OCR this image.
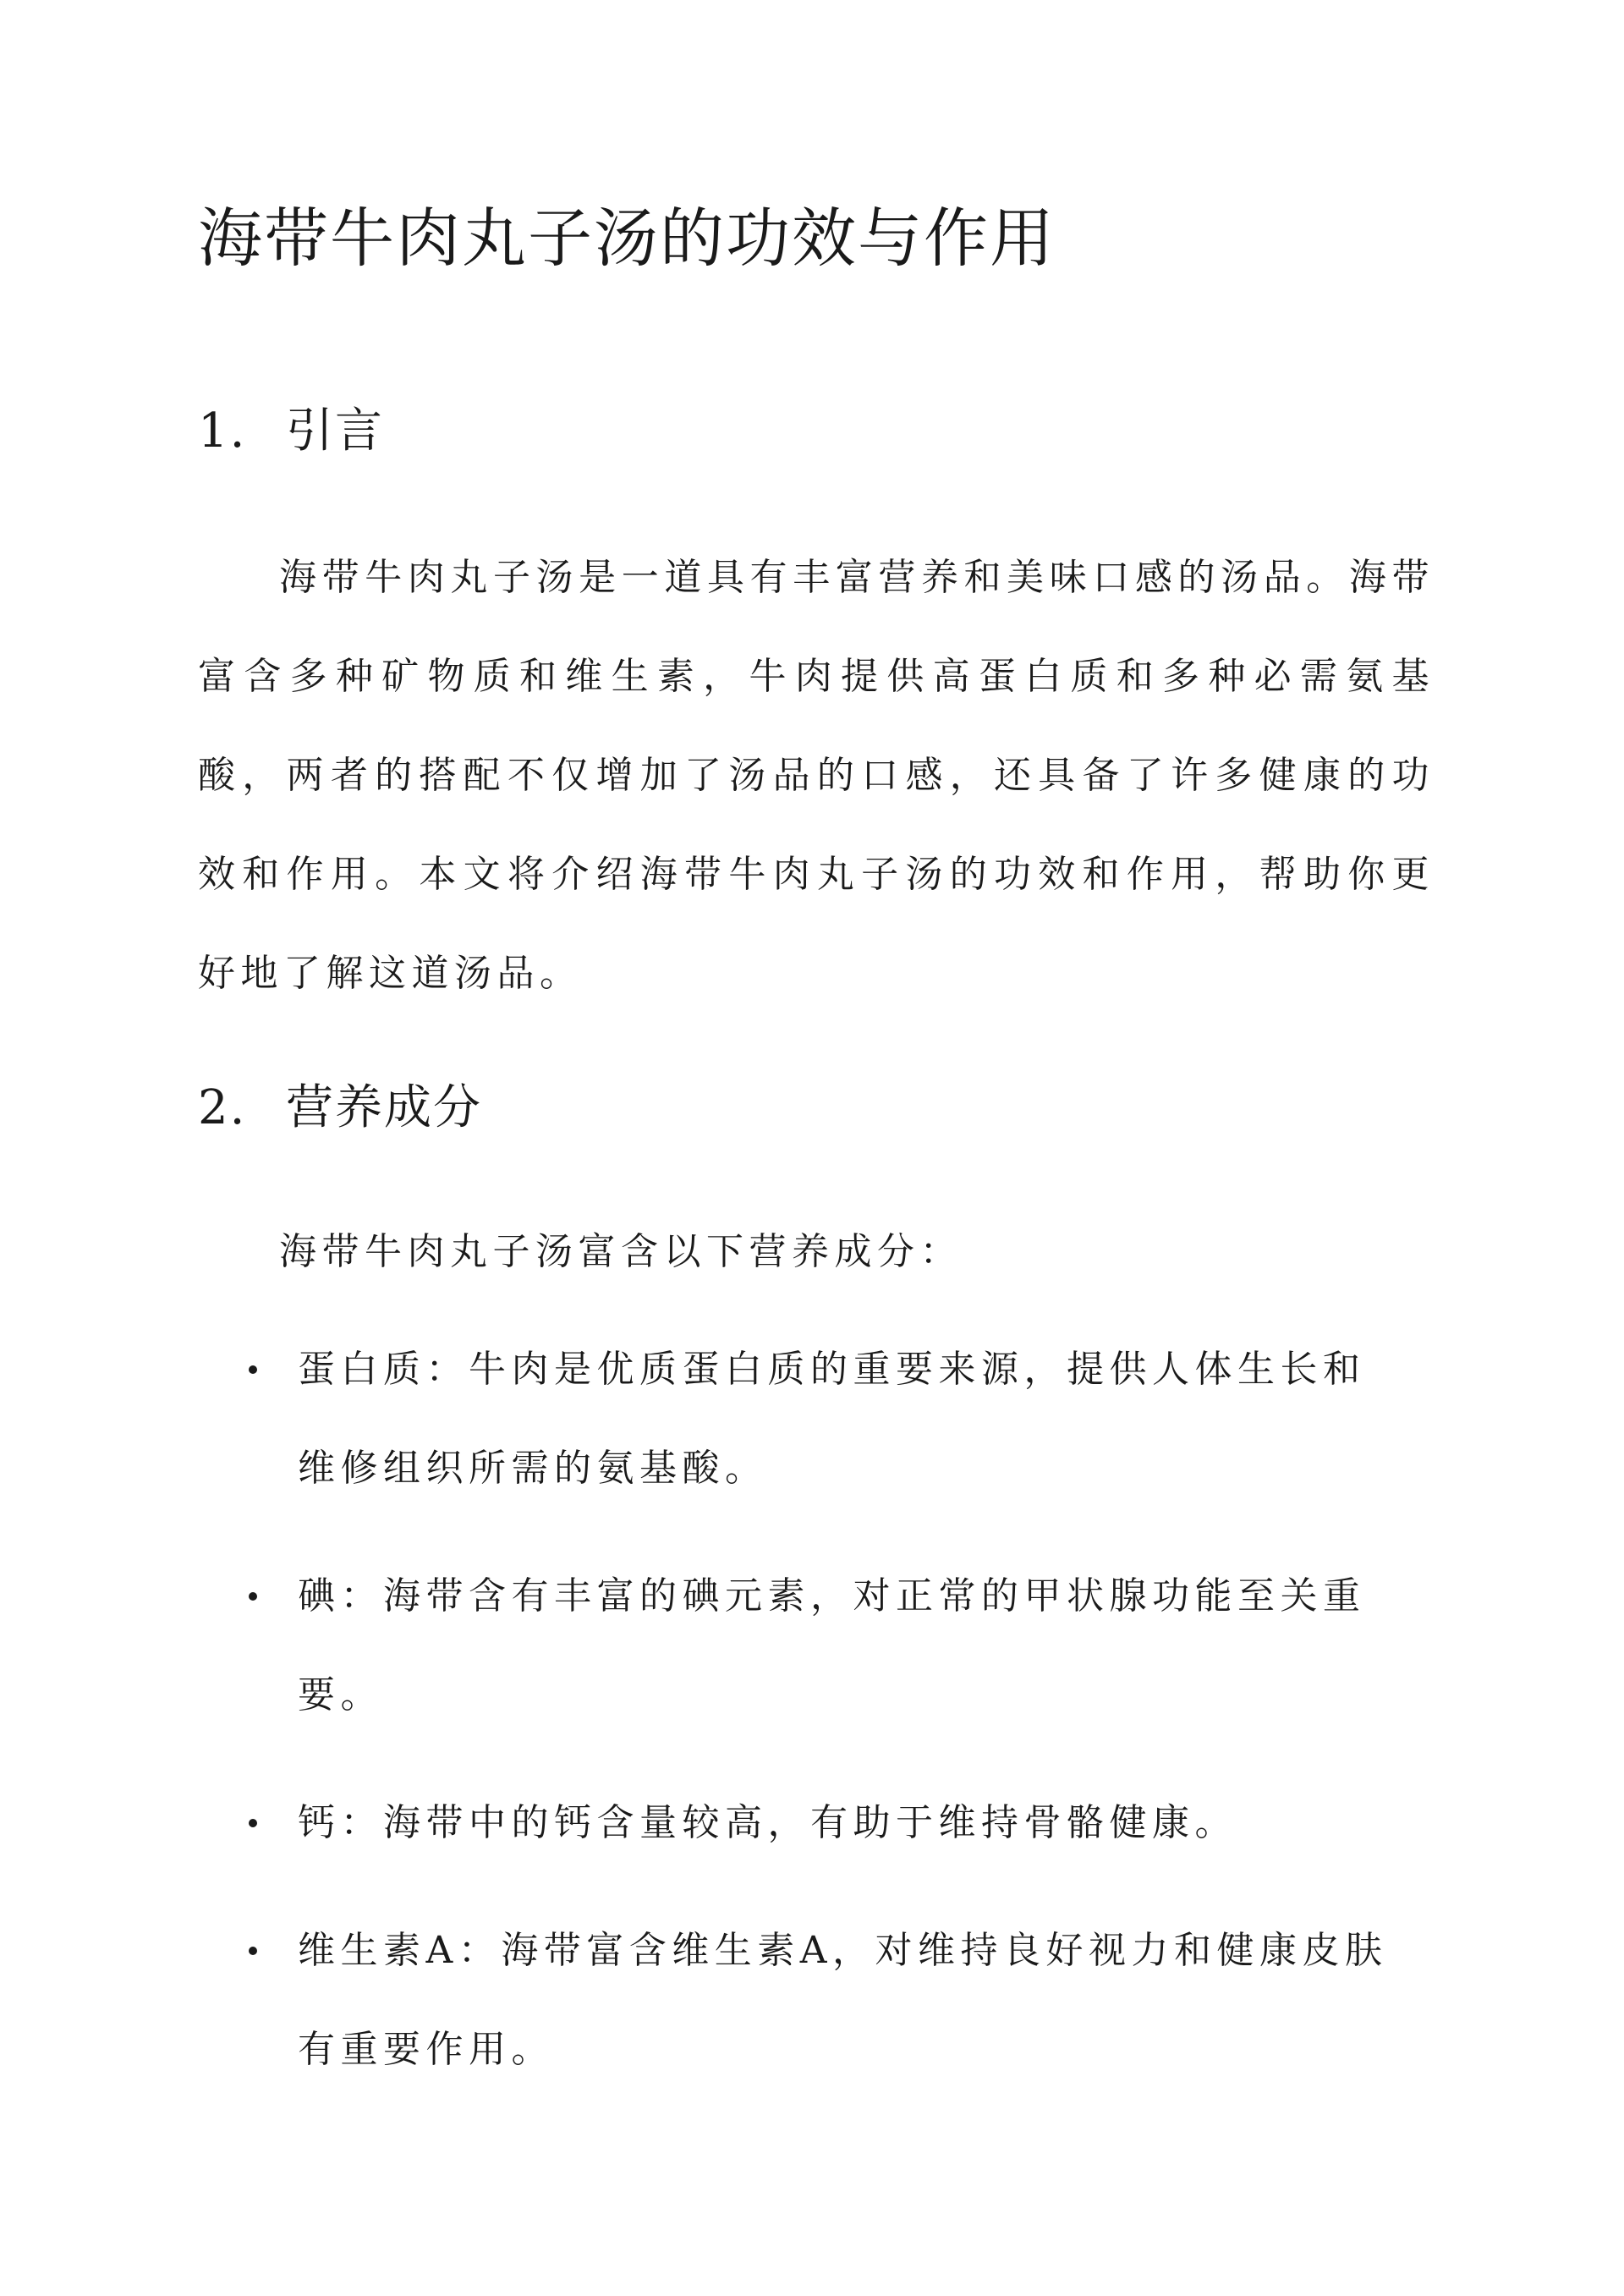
海带牛肉丸子汤的功效与作用
1. 引言

海带牛肉丸子汤是一道具有丰富营养和美味口感的汤品。海带富含多种矿物质和维生素，牛肉提供高蛋白质和多种必需氨基酸，两者的搭配不仅增加了汤品的口感，还具备了许多健康的功效和作用。本文将介绍海带牛肉丸子汤的功效和作用，帮助你更好地了解这道汤品。

2. 营养成分

海带牛肉丸子汤富含以下营养成分：

蛋白质：牛肉是优质蛋白质的重要来源，提供人体生长和维修组织所需的氨基酸。
碘：海带含有丰富的碘元素，对正常的甲状腺功能至关重要。
钙：海带中的钙含量较高，有助于维持骨骼健康。
维生素A：海带富含维生素A，对维持良好视力和健康皮肤有重要作用。
